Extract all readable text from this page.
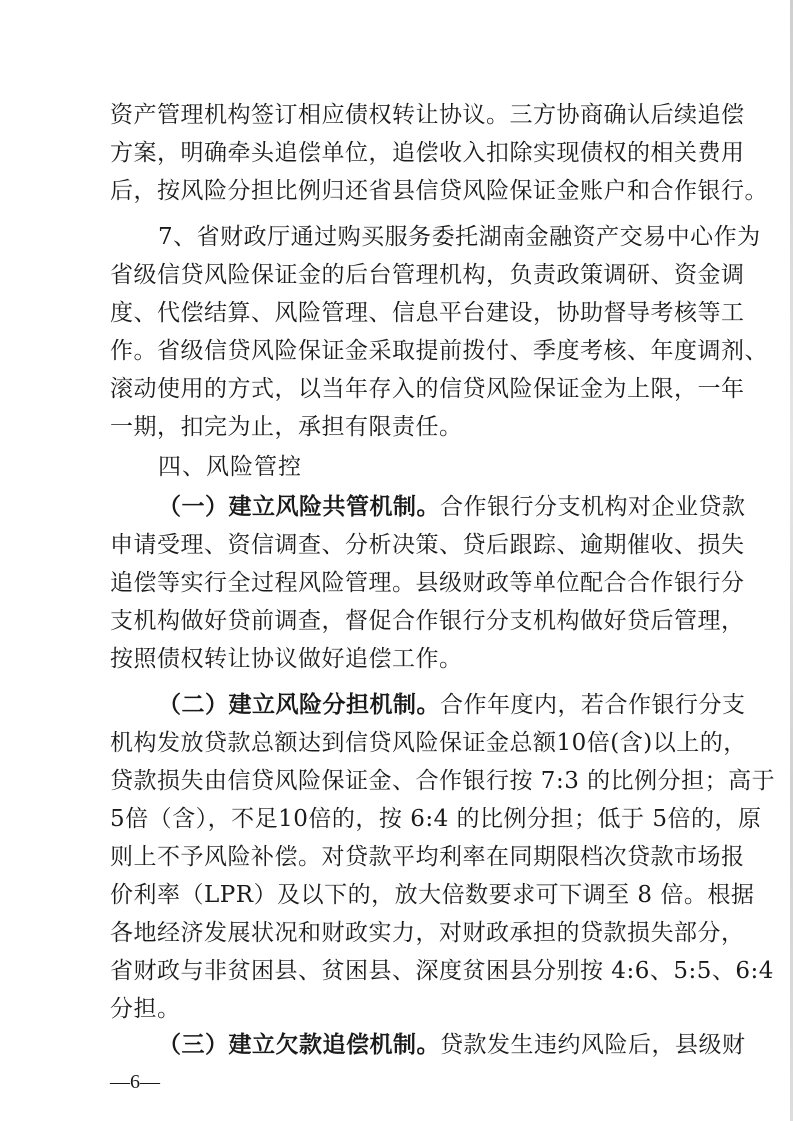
资产管理机构签订相应债权转让协议。三方协商确认后续追偿
方案，明确牵头追偿单位，追偿收入扣除实现债权的相关费用
后，按风险分担比例归还省县信贷风险保证金账户和合作银行。
7、省财政厅通过购买服务委托湖南金融资产交易中心作为
省级信贷风险保证金的后台管理机构，负责政策调研、资金调
度、代偿结算、风险管理、信息平台建设，协助督导考核等工
作。省级信贷风险保证金采取提前拨付、季度考核、年度调剂、
滚动使用的方式，以当年存入的信贷风险保证金为上限，一年
一期，扣完为止，承担有限责任。
四、风险管控
（一）建立风险共管机制。合作银行分支机构对企业贷款
申请受理、资信调查、分析决策、贷后跟踪、逾期催收、损失
追偿等实行全过程风险管理。县级财政等单位配合合作银行分
支机构做好贷前调查，督促合作银行分支机构做好贷后管理，
按照债权转让协议做好追偿工作。
（二）建立风险分担机制。合作年度内，若合作银行分支
机构发放贷款总额达到信贷风险保证金总额10倍(含)以上的，
贷款损失由信贷风险保证金、合作银行按 7:3 的比例分担；高于
5倍（含），不足10倍的，按 6:4 的比例分担；低于 5倍的，原
则上不予风险补偿。对贷款平均利率在同期限档次贷款市场报
价利率（LPR）及以下的，放大倍数要求可下调至 8 倍。根据
各地经济发展状况和财政实力，对财政承担的贷款损失部分，
省财政与非贫困县、贫困县、深度贫困县分别按 4:6、5:5、6:4
分担。
（三）建立欠款追偿机制。贷款发生违约风险后，县级财
—6—
